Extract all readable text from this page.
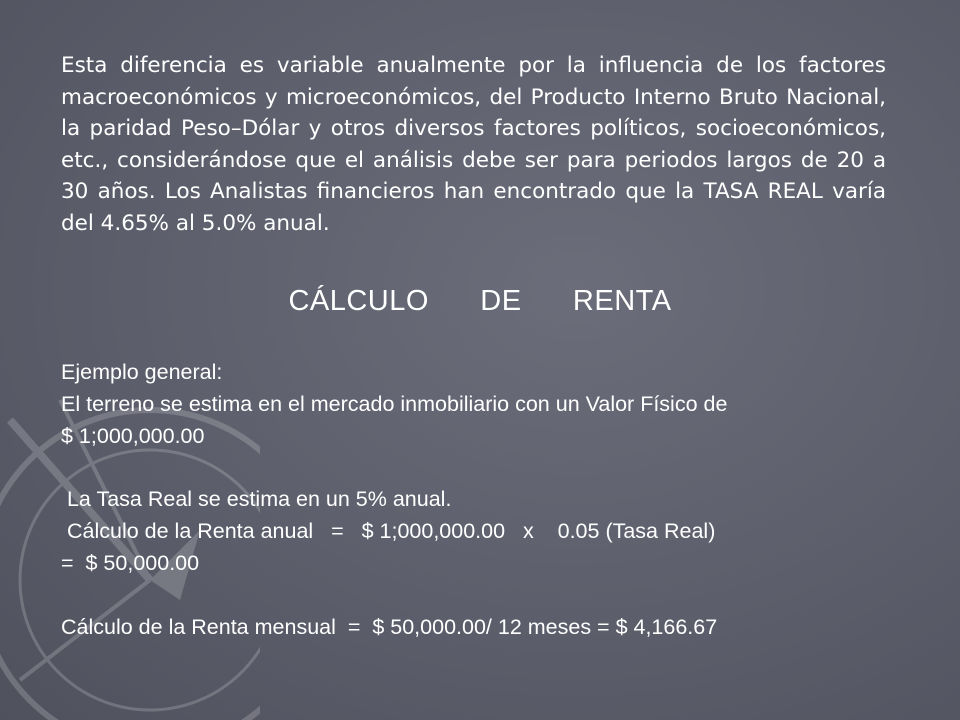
Esta diferencia es variable anualmente por la influencia de los factores macroeconómicos y microeconómicos, del Producto Interno Bruto Nacional, la paridad Peso–Dólar y otros diversos factores políticos, socioeconómicos, etc., considerándose que el análisis debe ser para periodos largos de 20 a 30 años. Los Analistas financieros han encontrado que la TASA REAL varía del 4.65% al 5.0% anual.

CÁLCULO      DE      RENTA

Ejemplo general:

El terreno se estima en el mercado inmobiliario con un Valor Físico de

$ 1;000,000.00

La Tasa Real se estima en un 5% anual.

Cálculo de la Renta anual   =   $ 1;000,000.00   x    0.05 (Tasa Real)

=  $ 50,000.00

Cálculo de la Renta mensual  =  $ 50,000.00/ 12 meses = $ 4,166.67
